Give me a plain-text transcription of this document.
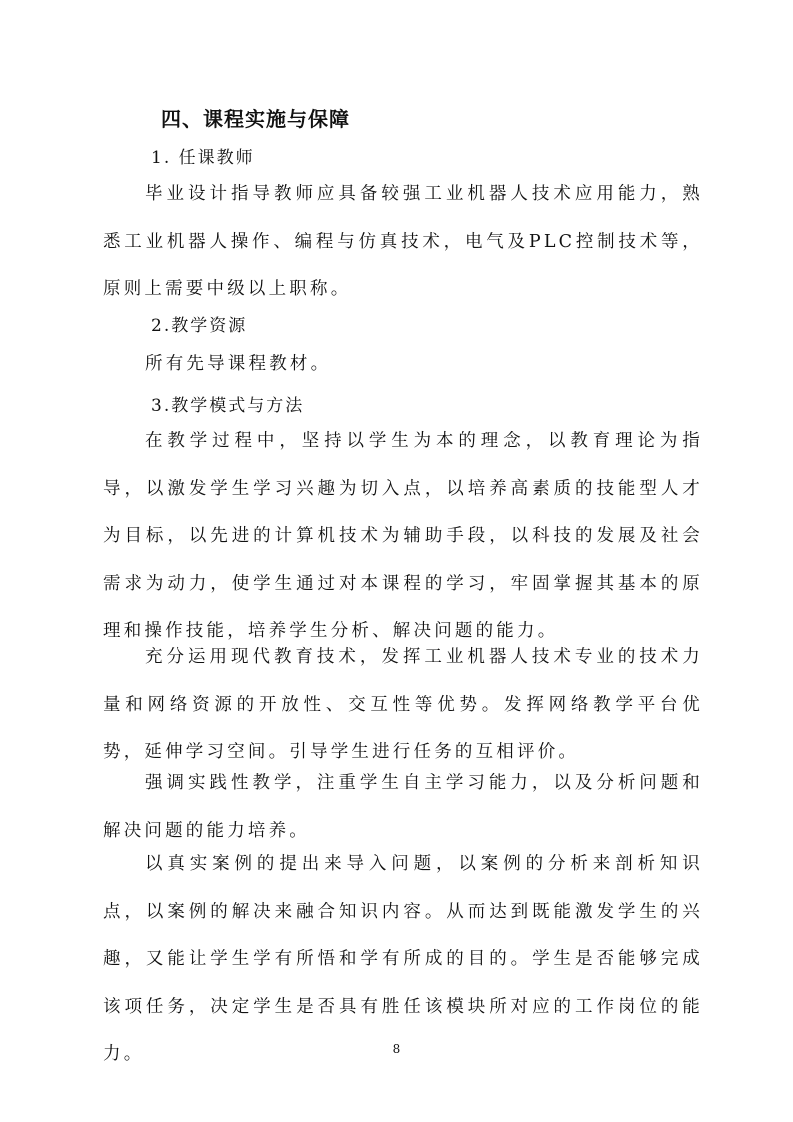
四、课程实施与保障

1. 任课教师

毕业设计指导教师应具备较强工业机器人技术应用能力，熟悉工业机器人操作、编程与仿真技术，电气及PLC控制技术等，原则上需要中级以上职称。

2.教学资源

所有先导课程教材。

3.教学模式与方法

在教学过程中，坚持以学生为本的理念，以教育理论为指导，以激发学生学习兴趣为切入点，以培养高素质的技能型人才为目标，以先进的计算机技术为辅助手段，以科技的发展及社会需求为动力，使学生通过对本课程的学习，牢固掌握其基本的原理和操作技能，培养学生分析、解决问题的能力。

充分运用现代教育技术，发挥工业机器人技术专业的技术力量和网络资源的开放性、交互性等优势。发挥网络教学平台优势，延伸学习空间。引导学生进行任务的互相评价。

强调实践性教学，注重学生自主学习能力，以及分析问题和解决问题的能力培养。

以真实案例的提出来导入问题，以案例的分析来剖析知识点，以案例的解决来融合知识内容。从而达到既能激发学生的兴趣，又能让学生学有所悟和学有所成的目的。学生是否能够完成该项任务，决定学生是否具有胜任该模块所对应的工作岗位的能力。	8
